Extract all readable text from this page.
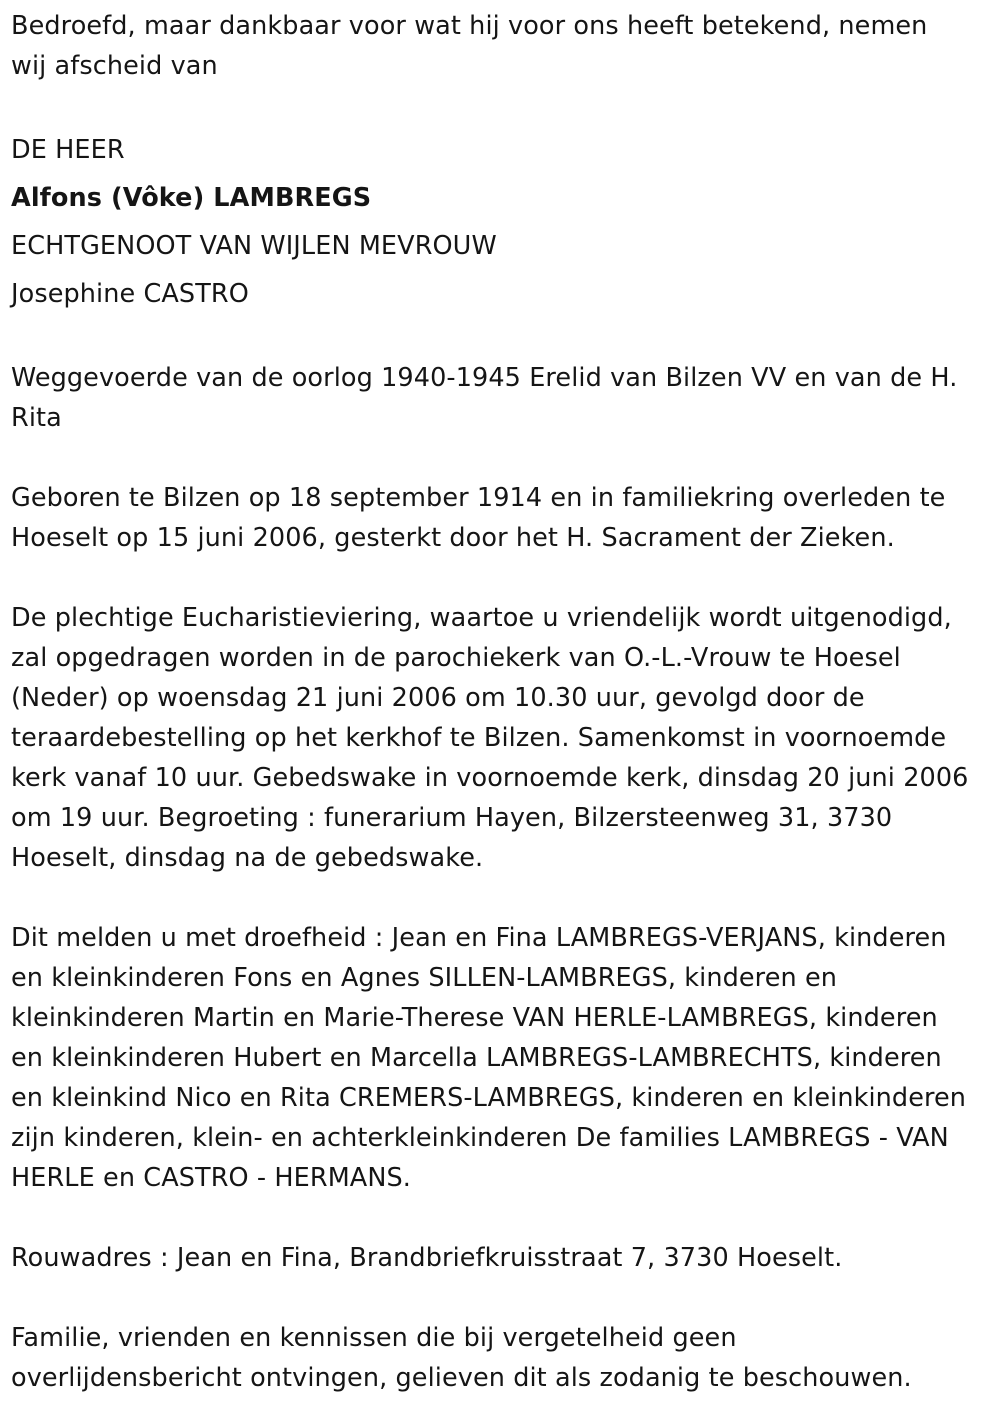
Bedroefd, maar dankbaar voor wat hij voor ons heeft betekend, nemen
wij afscheid van

DE HEER

Alfons (Vôke) LAMBREGS

ECHTGENOOT VAN WIJLEN MEVROUW

Josephine CASTRO

Weggevoerde van de oorlog 1940-1945 Erelid van Bilzen VV en van de H.
Rita

Geboren te Bilzen op 18 september 1914 en in familiekring overleden te
Hoeselt op 15 juni 2006, gesterkt door het H. Sacrament der Zieken.

De plechtige Eucharistieviering, waartoe u vriendelijk wordt uitgenodigd,
zal opgedragen worden in de parochiekerk van O.-L.-Vrouw te Hoesel
(Neder) op woensdag 21 juni 2006 om 10.30 uur, gevolgd door de
teraardebestelling op het kerkhof te Bilzen. Samenkomst in voornoemde
kerk vanaf 10 uur. Gebedswake in voornoemde kerk, dinsdag 20 juni 2006
om 19 uur. Begroeting : funerarium Hayen, Bilzersteenweg 31, 3730
Hoeselt, dinsdag na de gebedswake.

Dit melden u met droefheid : Jean en Fina LAMBREGS-VERJANS, kinderen
en kleinkinderen Fons en Agnes SILLEN-LAMBREGS, kinderen en
kleinkinderen Martin en Marie-Therese VAN HERLE-LAMBREGS, kinderen
en kleinkinderen Hubert en Marcella LAMBREGS-LAMBRECHTS, kinderen
en kleinkind Nico en Rita CREMERS-LAMBREGS, kinderen en kleinkinderen
zijn kinderen, klein- en achterkleinkinderen De families LAMBREGS - VAN
HERLE en CASTRO - HERMANS.

Rouwadres : Jean en Fina, Brandbriefkruisstraat 7, 3730 Hoeselt.

Familie, vrienden en kennissen die bij vergetelheid geen
overlijdensbericht ontvingen, gelieven dit als zodanig te beschouwen.
